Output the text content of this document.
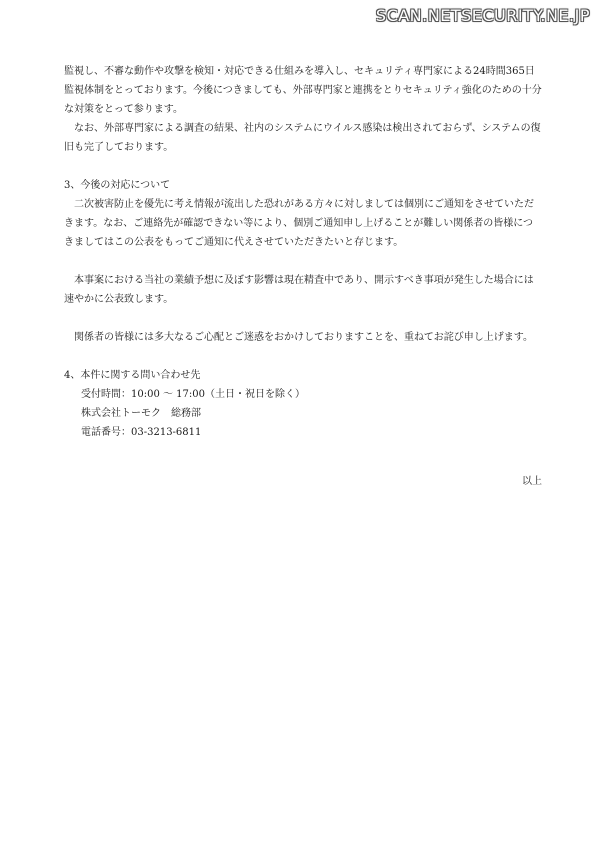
SCAN.NETSECURITY.NE.JP

監視し、不審な動作や攻撃を検知・対応できる仕組みを導入し、セキュリティ専門家による24時間365日監視体制をとっております。今後につきましても、外部専門家と連携をとりセキュリティ強化のための十分な対策をとって参ります。

なお、外部専門家による調査の結果、社内のシステムにウイルス感染は検出されておらず、システムの復旧も完了しております。

3、今後の対応について

二次被害防止を優先に考え情報が流出した恐れがある方々に対しましては個別にご通知をさせていただきます。なお、ご連絡先が確認できない等により、個別ご通知申し上げることが難しい関係者の皆様につきましてはこの公表をもってご通知に代えさせていただきたいと存じます。

本事案における当社の業績予想に及ぼす影響は現在精査中であり、開示すべき事項が発生した場合には速やかに公表致します。

関係者の皆様には多大なるご心配とご迷惑をおかけしておりますことを、重ねてお詫び申し上げます。

4、本件に関する問い合わせ先

受付時間：10:00 ～ 17:00（土日・祝日を除く）

株式会社トーモク　総務部

電話番号：03-3213-6811

以上
